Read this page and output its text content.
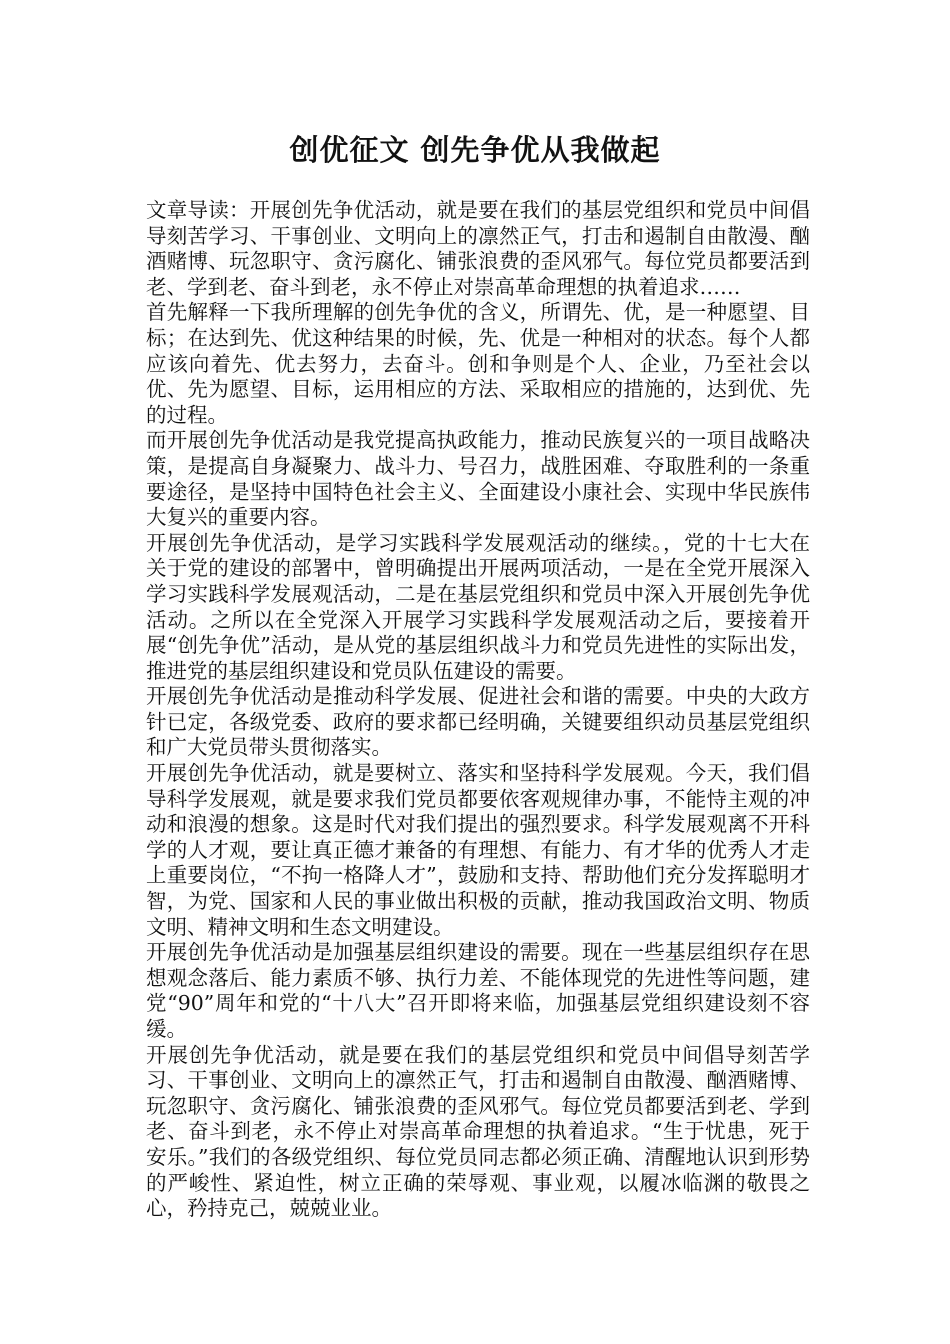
创优征文 创先争优从我做起

文章导读：开展创先争优活动，就是要在我们的基层党组织和党员中间倡导刻苦学习、干事创业、文明向上的凛然正气，打击和遏制自由散漫、酗酒赌博、玩忽职守、贪污腐化、铺张浪费的歪风邪气。每位党员都要活到老、学到老、奋斗到老，永不停止对崇高革命理想的执着追求……

首先解释一下我所理解的创先争优的含义，所谓先、优，是一种愿望、目标；在达到先、优这种结果的时候，先、优是一种相对的状态。每个人都应该向着先、优去努力，去奋斗。创和争则是个人、企业，乃至社会以优、先为愿望、目标，运用相应的方法、采取相应的措施的，达到优、先的过程。

而开展创先争优活动是我党提高执政能力，推动民族复兴的一项目战略决策，是提高自身凝聚力、战斗力、号召力，战胜困难、夺取胜利的一条重要途径，是坚持中国特色社会主义、全面建设小康社会、实现中华民族伟大复兴的重要内容。

开展创先争优活动，是学习实践科学发展观活动的继续。，党的十七大在关于党的建设的部署中，曾明确提出开展两项活动，一是在全党开展深入学习实践科学发展观活动，二是在基层党组织和党员中深入开展创先争优活动。之所以在全党深入开展学习实践科学发展观活动之后，要接着开展“创先争优”活动，是从党的基层组织战斗力和党员先进性的实际出发，推进党的基层组织建设和党员队伍建设的需要。

开展创先争优活动是推动科学发展、促进社会和谐的需要。中央的大政方针已定，各级党委、政府的要求都已经明确，关键要组织动员基层党组织和广大党员带头贯彻落实。

开展创先争优活动，就是要树立、落实和坚持科学发展观。今天，我们倡导科学发展观，就是要求我们党员都要依客观规律办事，不能恃主观的冲动和浪漫的想象。这是时代对我们提出的强烈要求。科学发展观离不开科学的人才观，要让真正德才兼备的有理想、有能力、有才华的优秀人才走上重要岗位，“不拘一格降人才”，鼓励和支持、帮助他们充分发挥聪明才智，为党、国家和人民的事业做出积极的贡献，推动我国政治文明、物质文明、精神文明和生态文明建设。

开展创先争优活动是加强基层组织建设的需要。现在一些基层组织存在思想观念落后、能力素质不够、执行力差、不能体现党的先进性等问题，建党“90”周年和党的“十八大”召开即将来临，加强基层党组织建设刻不容缓。

开展创先争优活动，就是要在我们的基层党组织和党员中间倡导刻苦学习、干事创业、文明向上的凛然正气，打击和遏制自由散漫、酗酒赌博、玩忽职守、贪污腐化、铺张浪费的歪风邪气。每位党员都要活到老、学到老、奋斗到老，永不停止对崇高革命理想的执着追求。“生于忧患，死于安乐。”我们的各级党组织、每位党员同志都必须正确、清醒地认识到形势的严峻性、紧迫性，树立正确的荣辱观、事业观，以履冰临渊的敬畏之心，矜持克己，兢兢业业。
